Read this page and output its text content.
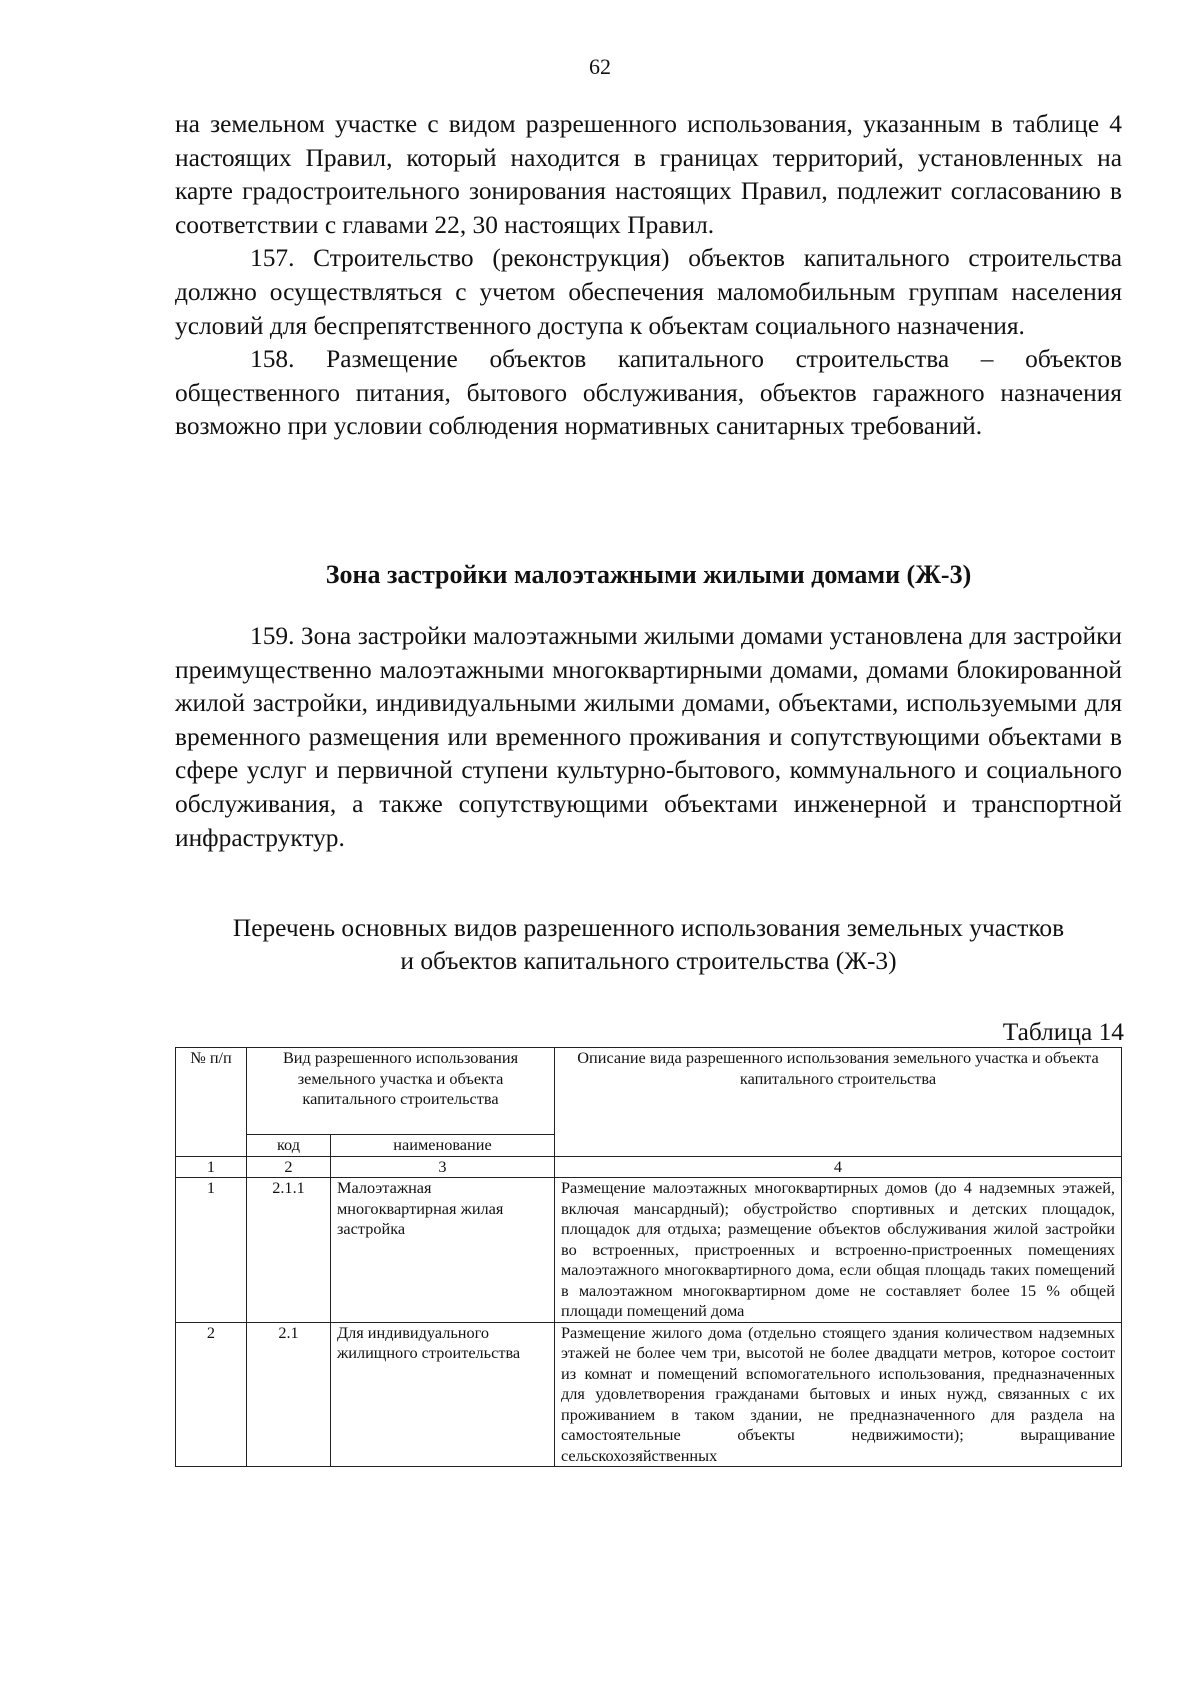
62

на земельном участке с видом разрешенного использования, указанным в таблице 4 настоящих Правил, который находится в границах территорий, установленных на карте градостроительного зонирования настоящих Правил, подлежит согласованию в соответствии с главами 22, 30 настоящих Правил.

157. Строительство (реконструкция) объектов капитального строительства должно осуществляться с учетом обеспечения маломобильным группам населения условий для беспрепятственного доступа к объектам социального назначения.

158. Размещение объектов капитального строительства – объектов общественного питания, бытового обслуживания, объектов гаражного назначения возможно при условии соблюдения нормативных санитарных требований.

Зона застройки малоэтажными жилыми домами (Ж-3)

159. Зона застройки малоэтажными жилыми домами установлена для застройки преимущественно малоэтажными многоквартирными домами, домами блокированной жилой застройки, индивидуальными жилыми домами, объектами, используемыми для временного размещения или временного проживания и сопутствующими объектами в сфере услуг и первичной ступени культурно-бытового, коммунального и социального обслуживания, а также сопутствующими объектами инженерной и транспортной инфраструктур.

Перечень основных видов разрешенного использования земельных участков
и объектов капитального строительства (Ж-3)
Таблица 14
№ п/п	Вид разрешенного использования земельного участка и объекта капитального строительства		Описание вида разрешенного использования земельного участка и объекта капитального строительства
	код	наименование	
1	2	3	4
1	2.1.1	Малоэтажная многоквартирная жилая застройка	Размещение малоэтажных многоквартирных домов (до 4 надземных этажей, включая мансардный); обустройство спортивных и детских площадок, площадок для отдыха; размещение объектов обслуживания жилой застройки во встроенных, пристроенных и встроенно-пристроенных помещениях малоэтажного многоквартирного дома, если общая площадь таких помещений в малоэтажном многоквартирном доме не составляет более 15 % общей площади помещений дома
2	2.1	Для индивидуального жилищного строительства	Размещение жилого дома (отдельно стоящего здания количеством надземных этажей не более чем три, высотой не более двадцати метров, которое состоит из комнат и помещений вспомогательного использования, предназначенных для удовлетворения гражданами бытовых и иных нужд, связанных с их проживанием в таком здании, не предназначенного для раздела на самостоятельные объекты недвижимости); выращивание сельскохозяйственных
